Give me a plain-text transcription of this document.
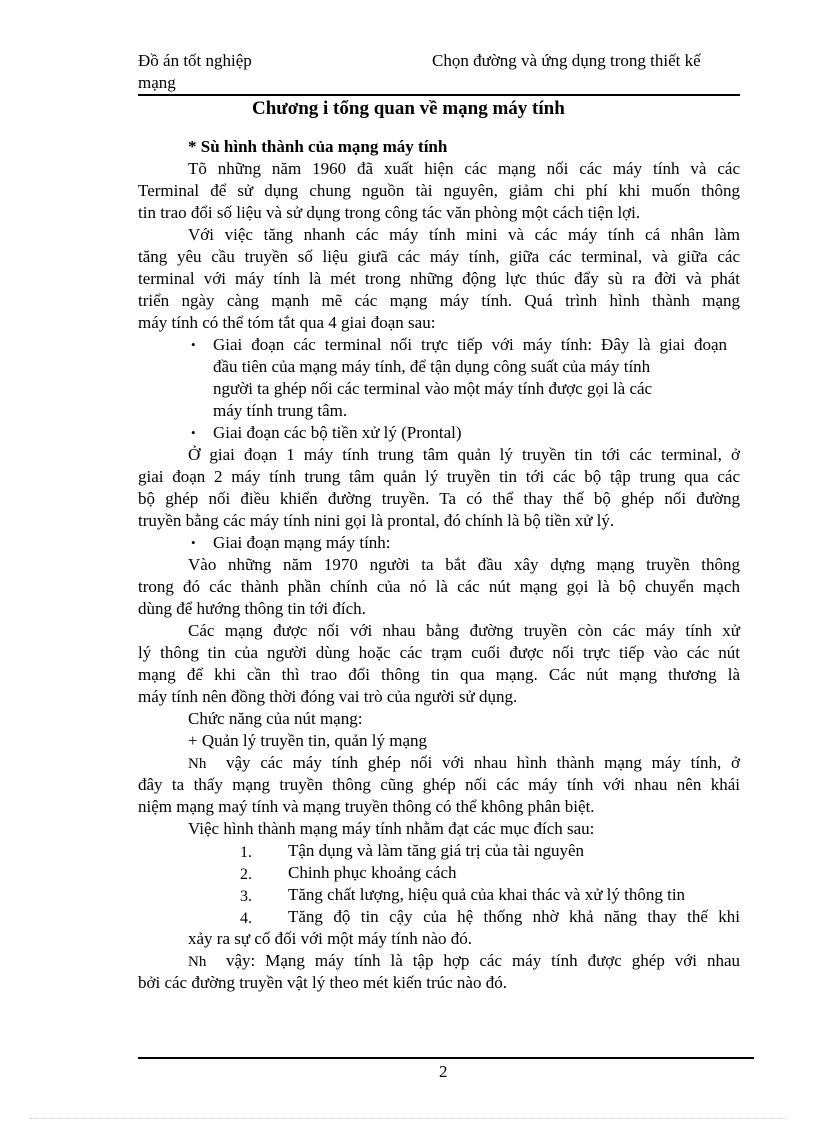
Đồ án tốt nghiệp
mạng
Chọn đường và ứng dụng trong thiết kế
Chương i tổng quan về mạng máy tính
* Sù hình thành của mạng máy tính
Tõ những năm 1960 đã xuất hiện các mạng nối các máy tính và các
Terminal để sử dụng chung nguồn tài nguyên, giảm chi phí khi muốn thông
tin trao đổi số liệu và sử dụng trong công tác văn phòng một cách tiện lợi.
Với việc tăng nhanh các máy tính mini và các máy tính cá nhân làm
tăng yêu cầu truyền số liệu giưã các máy tính, giữa các terminal, và giữa các
terminal với máy tính là mét trong những động lực thúc đẩy sù ra đời và phát
triển ngày càng mạnh mẽ các mạng máy tính. Quá trình hình thành mạng
máy tính có thể tóm tắt qua 4 giai đoạn sau:
• Giai đoạn các terminal nối trực tiếp với máy tính: Đây là giai đoạn
đầu tiên của mạng máy tính, để tận dụng công suất của máy tính
người ta ghép nối các terminal vào một máy tính được gọi là các
máy tính trung tâm.
• Giai đoạn các bộ tiền xử lý (Prontal)
Ở giai đoạn 1 máy tính trung tâm quản lý truyền tin tới các terminal, ở
giai đoạn 2 máy tính trung tâm quản lý truyền tin tới các bộ tập trung qua các
bộ ghép nối điều khiển đường truyền. Ta có thể thay thế bộ ghép nối đường
truyền bằng các máy tính nini gọi là prontal, đó chính là bộ tiền xử lý.
• Giai đoạn mạng máy tính:
Vào những năm 1970 người ta bắt đầu xây dựng mạng truyền thông
trong đó các thành phần chính của nó là các nút mạng gọi là bộ chuyển mạch
dùng để hướng thông tin tới đích.
Các mạng được nối với nhau bằng đường truyền còn các máy tính xử
lý thông tin của người dùng hoặc các trạm cuối được nối trực tiếp vào các nút
mạng để khi cần thì trao đổi thông tin qua mạng. Các nút mạng thương là
máy tính nên đồng thời đóng vai trò của người sử dụng.
Chức năng của nút mạng:
+ Quản lý truyền tin, quản lý mạng
Nh vậy các máy tính ghép nối với nhau hình thành mạng máy tính, ở
đây ta thấy mạng truyền thông cũng ghép nối các máy tính với nhau nên khái
niệm mạng maý tính và mạng truyền thông có thể không phân biệt.
Việc hình thành mạng máy tính nhằm đạt các mục đích sau:
1. Tận dụng và làm tăng giá trị của tài nguyên
2. Chinh phục khoảng cách
3. Tăng chất lượng, hiệu quả của khai thác và xử lý thông tin
4. Tăng độ tin cậy của hệ thống nhờ khả năng thay thế khi
xảy ra sự cố đối với một máy tính nào đó.
Nh vậy: Mạng máy tính là tập hợp các máy tính được ghép với nhau
bởi các đường truyền vật lý theo mét kiến trúc nào đó.
2
